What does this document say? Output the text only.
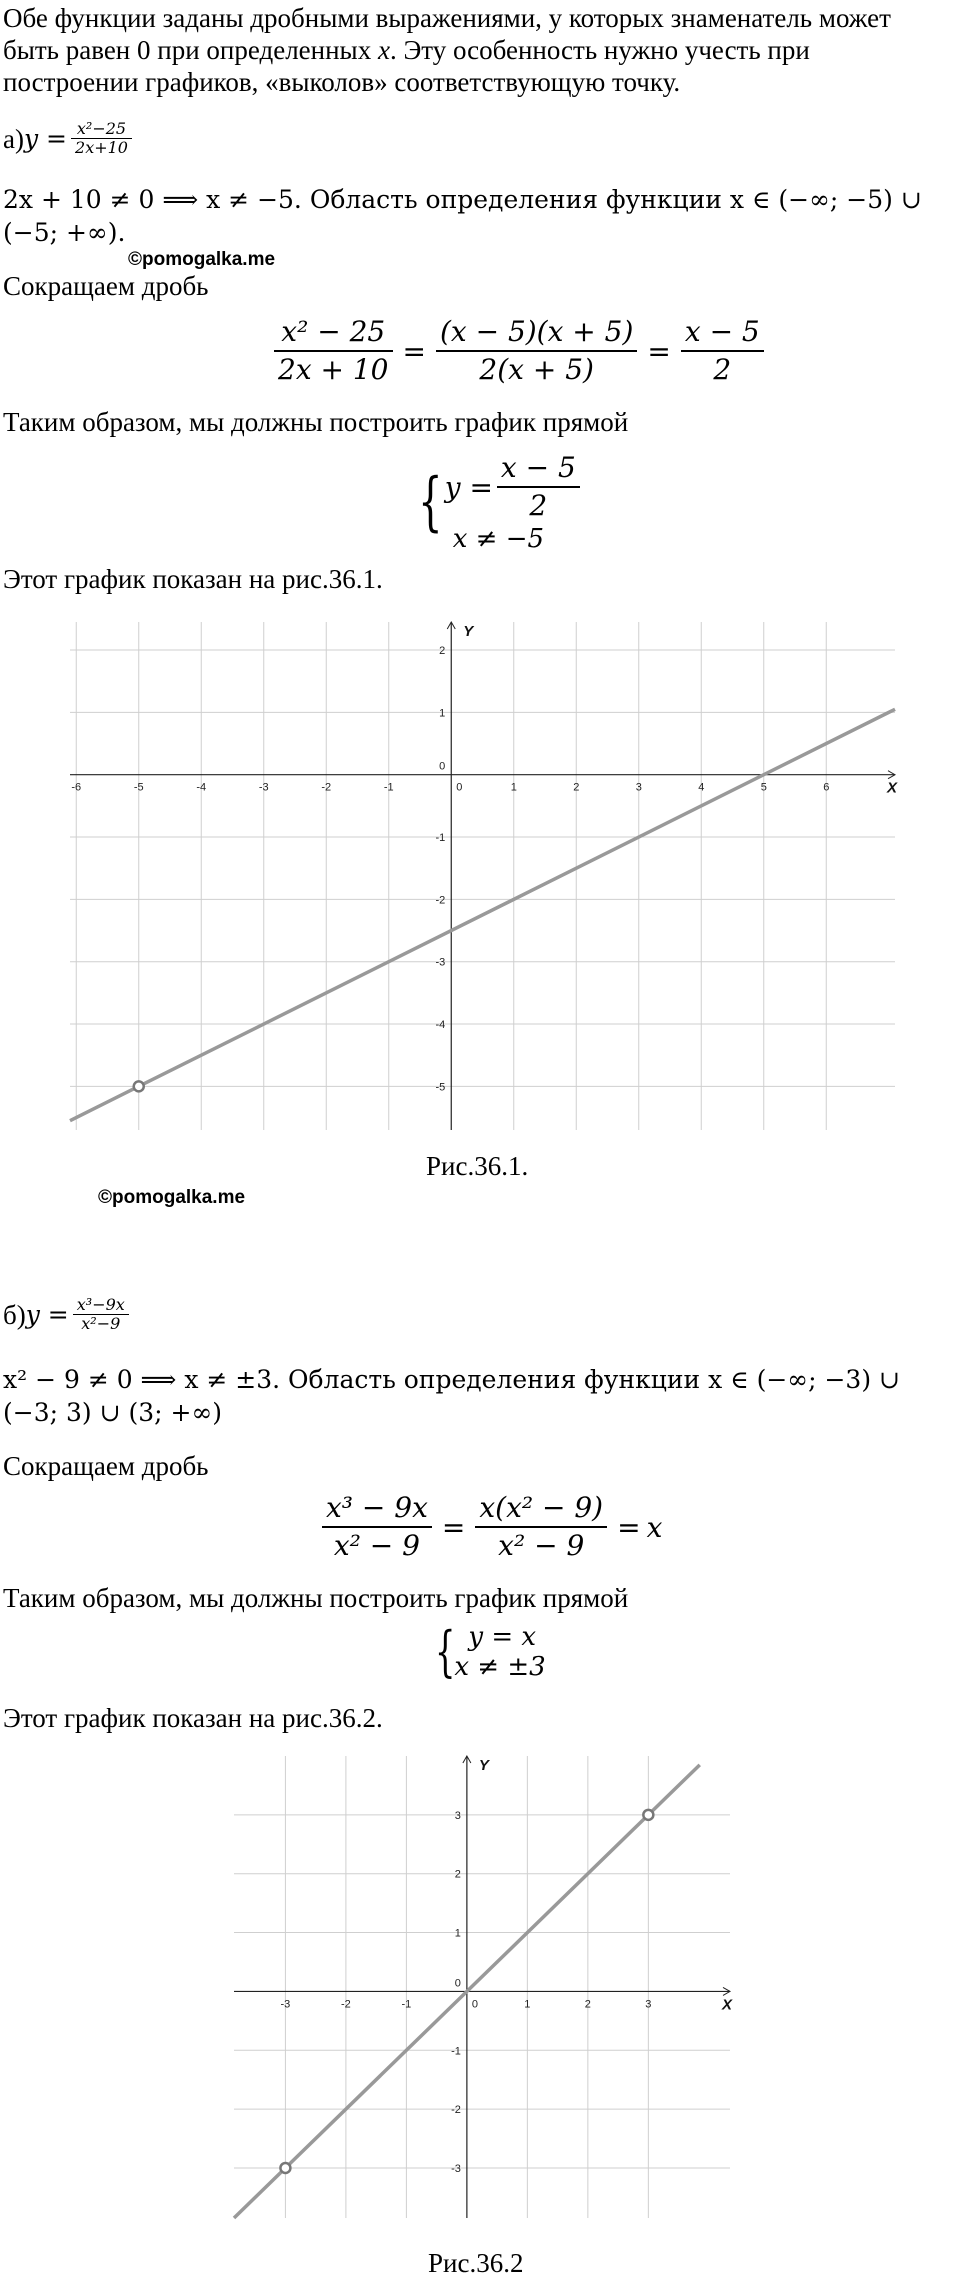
Обе функции заданы дробными выражениями, у которых знаменатель может
быть равен 0 при определенных x. Эту особенность нужно учесть при
построении графиков, «выколов» соответствующую точку.
а) $y = \frac{\text{x²−25}}{2x+10}$
2x + 10 ≠ 0 ⟹ x ≠ −5. Область определения функции x ∈ (−∞; −5) ∪
(−5; +∞).
©pomogalka.me
Сокращаем дробь
$\frac{\text{x² − 25}}{2x + 10} = \frac{(x - 5)(x + 5)}{2(x + 5)} = \frac{x - 5}{2}$
Таким образом, мы должны построить график прямой
{ $y = \frac{x - 5}{2}$
x ≠ −5
Этот график показан на рис.36.1.
-6	-5	-4	-3	-2	-1	0	1	2	3	4	5	6
-5
-4
-3
-2
-1
0
1
2
X
Y
Рис.36.1.
©pomogalka.me
б) $y = \frac{\text{x³−9x}}{\text{x²−9}}$
x² − 9 ≠ 0 ⟹ x ≠ ±3. Область определения функции x ∈ (−∞; −3) ∪
(−3; 3) ∪ (3; +∞)
Сокращаем дробь
$\frac{\text{x³ − 9x}}{\text{x² − 9}} = \frac{\text{x(x² − 9)}}{\text{x² − 9}} = x$
Таким образом, мы должны построить график прямой
{ y = x
x ≠ ±3
Этот график показан на рис.36.2.
-3	-2	-1	0	1	2	3
-3
-2
-1
0
1
2
3
X
Y
Рис.36.2
